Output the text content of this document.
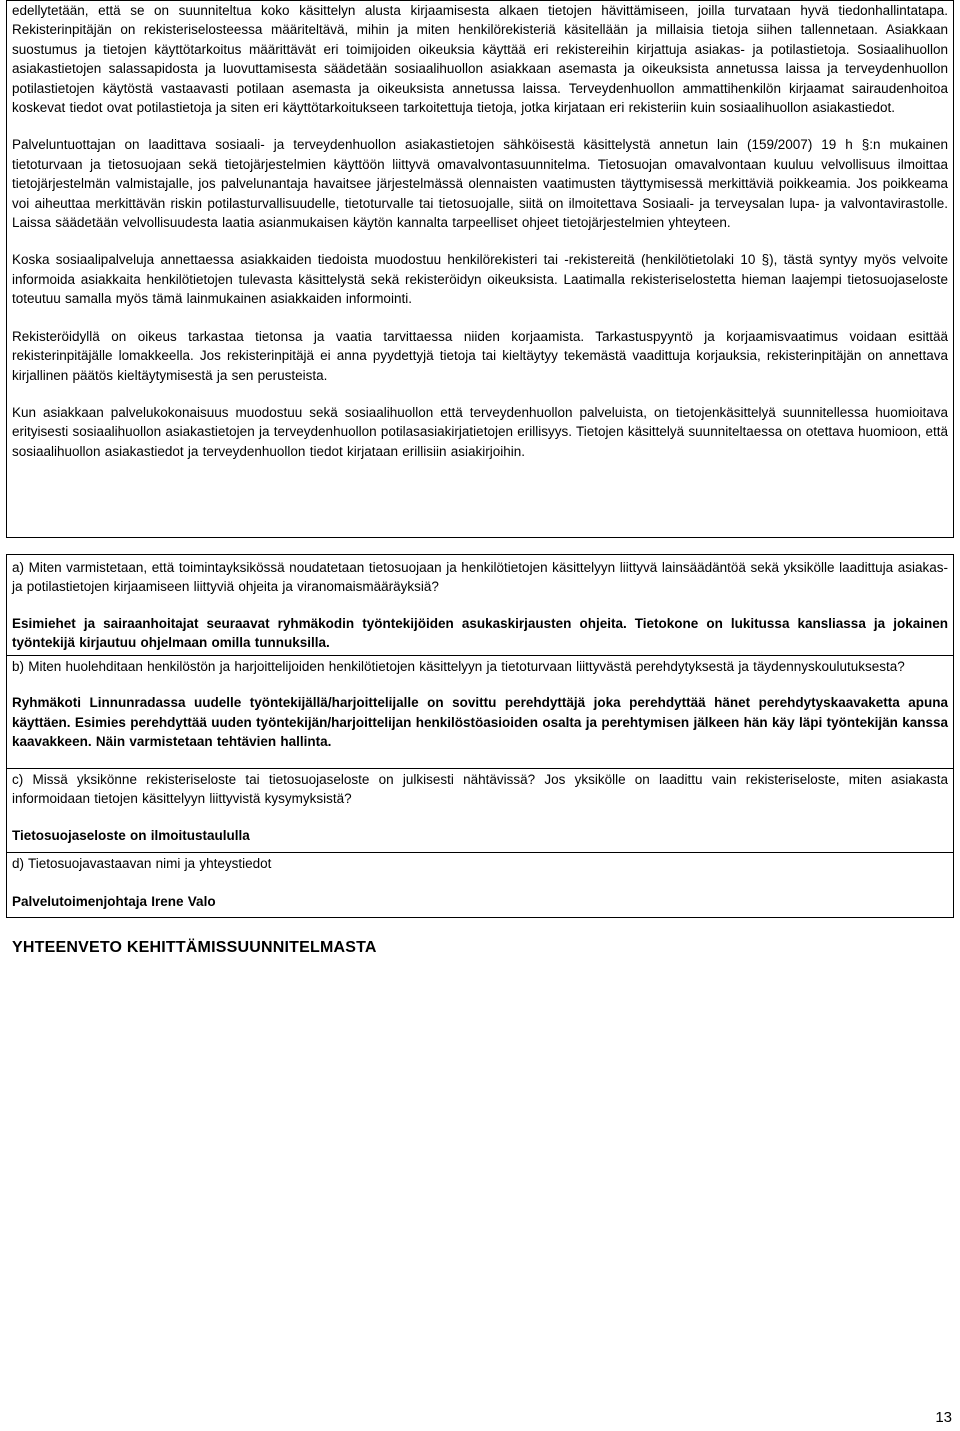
edellytetään, että se on suunniteltua koko käsittelyn alusta kirjaamisesta alkaen tietojen hävittämiseen, joilla turvataan hyvä tiedonhallintatapa. Rekisterinpitäjän on rekisteriselosteessa määriteltävä, mihin ja miten henkilörekisteriä käsitellään ja millaisia tietoja siihen tallennetaan. Asiakkaan suostumus ja tietojen käyttötarkoitus määrittävät eri toimijoiden oikeuksia käyttää eri rekistereihin kirjattuja asiakas- ja potilastietoja. Sosiaalihuollon asiakastietojen salassapidosta ja luovuttamisesta säädetään sosiaalihuollon asiakkaan asemasta ja oikeuksista annetussa laissa ja terveydenhuollon potilastietojen käytöstä vastaavasti potilaan asemasta ja oikeuksista annetussa laissa. Terveydenhuollon ammattihenkilön kirjaamat sairaudenhoitoa koskevat tiedot ovat potilastietoja ja siten eri käyttötarkoitukseen tarkoitettuja tietoja, jotka kirjataan eri rekisteriin kuin sosiaalihuollon asiakastiedot.

Palveluntuottajan on laadittava sosiaali- ja terveydenhuollon asiakastietojen sähköisestä käsittelystä annetun lain (159/2007) 19 h §:n mukainen tietoturvaan ja tietosuojaan sekä tietojärjestelmien käyttöön liittyvä omavalvontasuunnitelma. Tietosuojan omavalvontaan kuuluu velvollisuus ilmoittaa tietojärjestelmän valmistajalle, jos palvelunantaja havaitsee järjestelmässä olennaisten vaatimusten täyttymisessä merkittäviä poikkeamia. Jos poikkeama voi aiheuttaa merkittävän riskin potilasturvallisuudelle, tietoturvalle tai tietosuojalle, siitä on ilmoitettava Sosiaali- ja terveysalan lupa- ja valvontavirastolle. Laissa säädetään velvollisuudesta laatia asianmukaisen käytön kannalta tarpeelliset ohjeet tietojärjestelmien yhteyteen.

Koska sosiaalipalveluja annettaessa asiakkaiden tiedoista muodostuu henkilörekisteri tai -rekistereitä (henkilötietolaki 10 §), tästä syntyy myös velvoite informoida asiakkaita henkilötietojen tulevasta käsittelystä sekä rekisteröidyn oikeuksista. Laatimalla rekisteriselostetta hieman laajempi tietosuojaseloste toteutuu samalla myös tämä lainmukainen asiakkaiden informointi.

Rekisteröidyllä on oikeus tarkastaa tietonsa ja vaatia tarvittaessa niiden korjaamista. Tarkastuspyyntö ja korjaamisvaatimus voidaan esittää rekisterinpitäjälle lomakkeella. Jos rekisterinpitäjä ei anna pyydettyjä tietoja tai kieltäytyy tekemästä vaadittuja korjauksia, rekisterinpitäjän on annettava kirjallinen päätös kieltäytymisestä ja sen perusteista.

Kun asiakkaan palvelukokonaisuus muodostuu sekä sosiaalihuollon että terveydenhuollon palveluista, on tietojenkäsittelyä suunnitellessa huomioitava erityisesti sosiaalihuollon asiakastietojen ja terveydenhuollon potilasasiakirjatietojen erillisyys. Tietojen käsittelyä suunniteltaessa on otettava huomioon, että sosiaalihuollon asiakastiedot ja terveydenhuollon tiedot kirjataan erillisiin asiakirjoihin.

a) Miten varmistetaan, että toimintayksikössä noudatetaan tietosuojaan ja henkilötietojen käsittelyyn liittyvä lainsäädäntöä sekä yksikölle laadittuja asiakas- ja potilastietojen kirjaamiseen liittyviä ohjeita ja viranomaismääräyksiä?

Esimiehet ja sairaanhoitajat seuraavat ryhmäkodin työntekijöiden asukaskirjausten ohjeita. Tietokone on lukitussa kansliassa ja jokainen työntekijä kirjautuu ohjelmaan omilla tunnuksilla.

b) Miten huolehditaan henkilöstön ja harjoittelijoiden henkilötietojen käsittelyyn ja tietoturvaan liittyvästä perehdytyksestä ja täydennyskoulutuksesta?

Ryhmäkoti Linnunradassa uudelle työntekijällä/harjoittelijalle on sovittu perehdyttäjä joka perehdyttää hänet perehdytyskaavaketta apuna käyttäen. Esimies perehdyttää uuden työntekijän/harjoittelijan henkilöstöasioiden osalta ja perehtymisen jälkeen hän käy läpi työntekijän kanssa kaavakkeen. Näin varmistetaan tehtävien hallinta.

c) Missä yksikönne rekisteriseloste tai tietosuojaseloste on julkisesti nähtävissä? Jos yksikölle on laadittu vain rekisteriseloste, miten asiakasta informoidaan tietojen käsittelyyn liittyvistä kysymyksistä?

Tietosuojaseloste on ilmoitustaululla

d) Tietosuojavastaavan nimi ja yhteystiedot

Palvelutoimenjohtaja Irene Valo

YHTEENVETO KEHITTÄMISSUUNNITELMASTA
13
